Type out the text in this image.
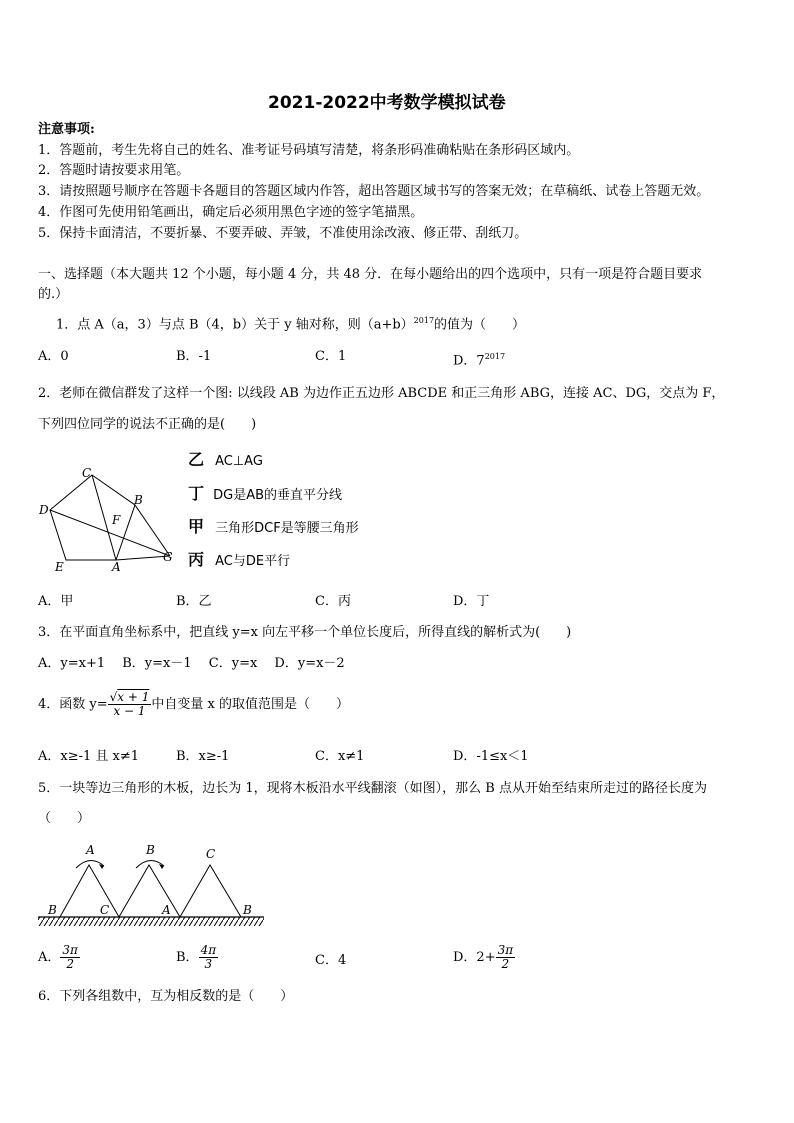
2021-2022中考数学模拟试卷
注意事项:
1．答题前，考生先将自己的姓名、准考证号码填写清楚，将条形码准确粘贴在条形码区域内。
2．答题时请按要求用笔。
3．请按照题号顺序在答题卡各题目的答题区域内作答，超出答题区域书写的答案无效；在草稿纸、试卷上答题无效。
4．作图可先使用铅笔画出，确定后必须用黑色字迹的签字笔描黑。
5．保持卡面清洁，不要折暴、不要弄破、弄皱，不准使用涂改液、修正带、刮纸刀。
一、选择题（本大题共 12 个小题，每小题 4 分，共 48 分．在每小题给出的四个选项中，只有一项是符合题目要求
的.）
1．点 A（a，3）与点 B（4，b）关于 y 轴对称，则$(a+b)^{2017}$的值为（　　）
A．0	B．-1	C．1	D．$7^{2017}$
2．老师在微信群发了这样一个图: 以线段 AB 为边作正五边形 ABCDE 和正三角形 ABG，连接 AC、DG，交点为 F，
下列四位同学的说法不正确的是(　　)
C
B
D
F
E	A
G
乙 AC⊥AG
丁 DG是AB的垂直平分线
甲 三角形DCF是等腰三角形
丙 AC与DE平行
A．甲	B．乙	C．丙	D．丁
3．在平面直角坐标系中，把直线 y=x 向左平移一个单位长度后，所得直线的解析式为(　　)
A．y=x+1　 B．y=x－1　 C．y=x　 D．y=x－2
4．函数 $y= \frac{√x + 1}{x - 1}$ 中自变量 x 的取值范围是（　　）
A．x≥-1 且 x≠1	B．x≥-1	C．x≠1	D．-1≤x＜1
5．一块等边三角形的木板，边长为 1，现将木板沿水平线翻滚（如图），那么 B 点从开始至结束所走过的路径长度为
（　　）
A	B	C
B	C	A	B
A． $\frac{3\pi}{2}$	B． $\frac{4\pi}{3}$	C．4	D．$2+ \frac{3\pi}{2}$
6．下列各组数中，互为相反数的是（　　）
